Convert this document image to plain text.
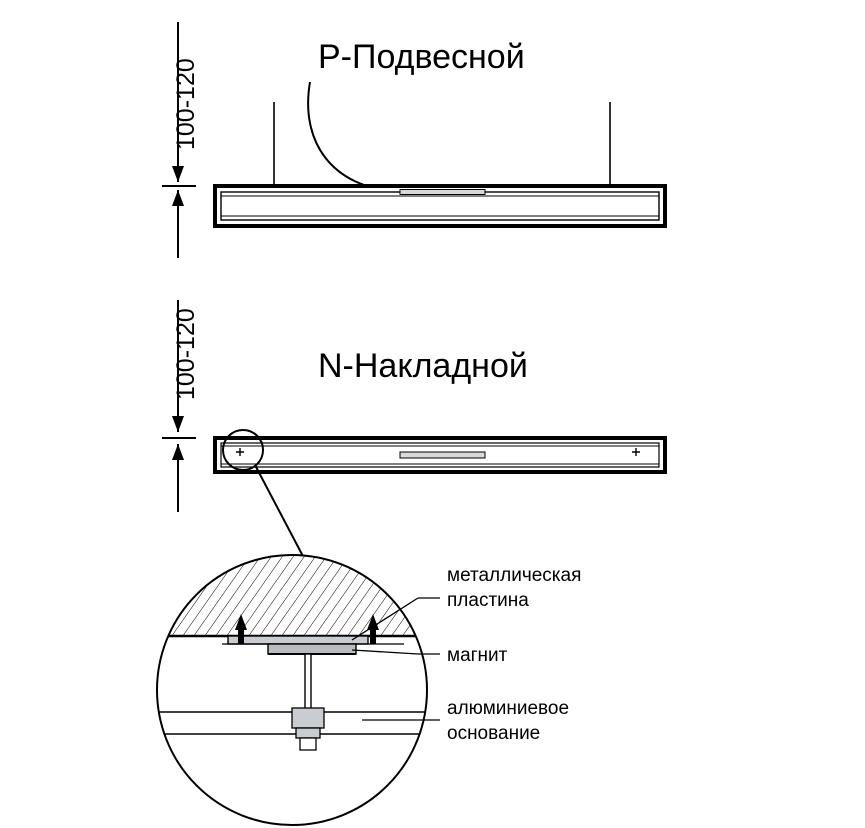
100-120
P-Подвесной
100-120	N-Накладной
металлическая
пластина
магнит
алюминиевое
основание
